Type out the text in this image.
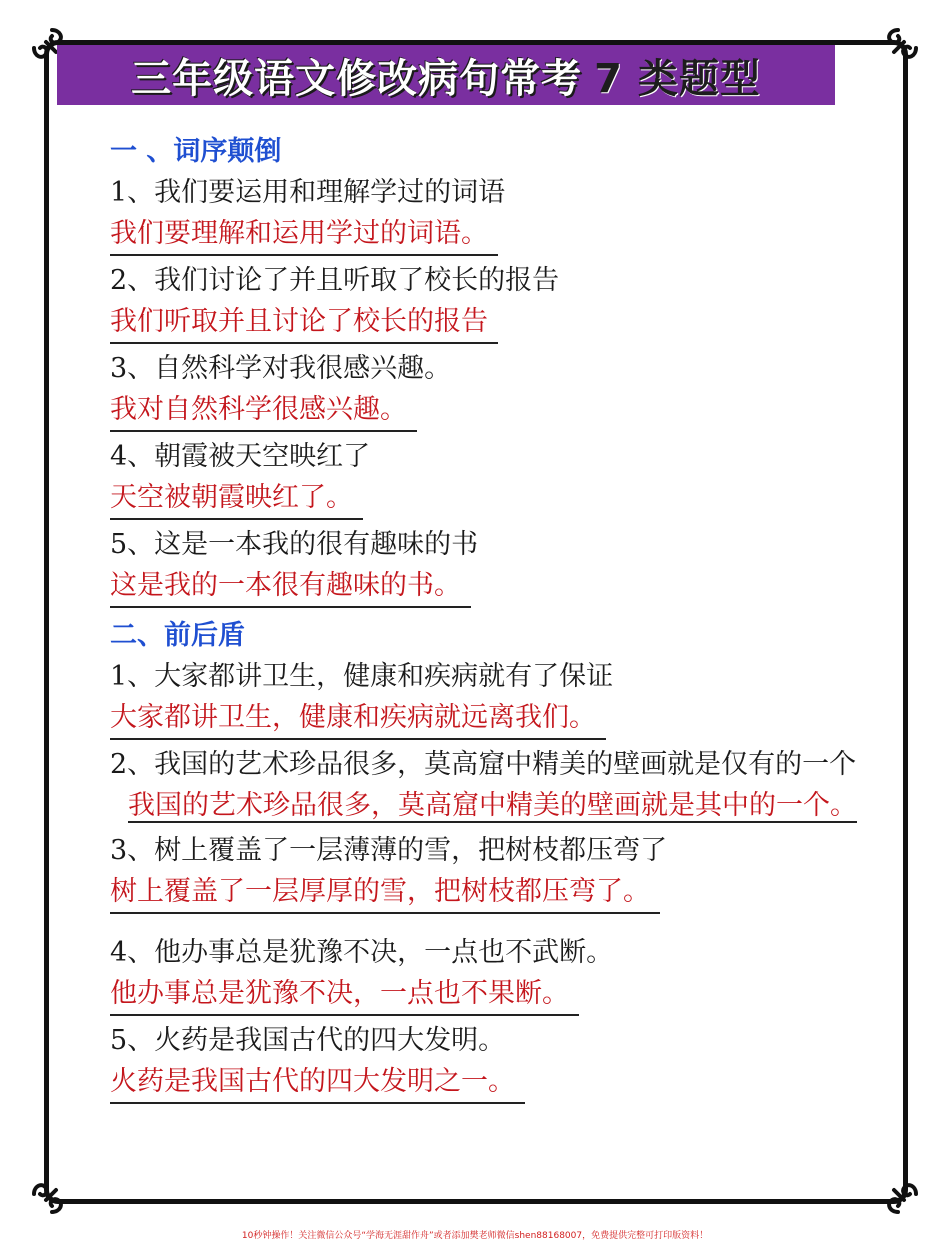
三年级语文修改病句常考 7 类题型
一 、词序颠倒
1、我们要运用和理解学过的词语
我们要理解和运用学过的词语。
2、我们讨论了并且听取了校长的报告
我们听取并且讨论了校长的报告
3、自然科学对我很感兴趣。
我对自然科学很感兴趣。
4、朝霞被天空映红了
天空被朝霞映红了。
5、这是一本我的很有趣味的书
这是我的一本很有趣味的书。
二、前后盾
1、大家都讲卫生，健康和疾病就有了保证
大家都讲卫生，健康和疾病就远离我们。
2、我国的艺术珍品很多，莫高窟中精美的壁画就是仅有的一个
我国的艺术珍品很多，莫高窟中精美的壁画就是其中的一个。
3、树上覆盖了一层薄薄的雪，把树枝都压弯了
树上覆盖了一层厚厚的雪，把树枝都压弯了。
4、他办事总是犹豫不决，一点也不武断。
他办事总是犹豫不决，一点也不果断。
5、火药是我国古代的四大发明。
火药是我国古代的四大发明之一。
10秒钟操作！关注微信公众号“学海无涯甜作舟”或者添加樊老师微信shen88168007，免费提供完整可打印版资料！
